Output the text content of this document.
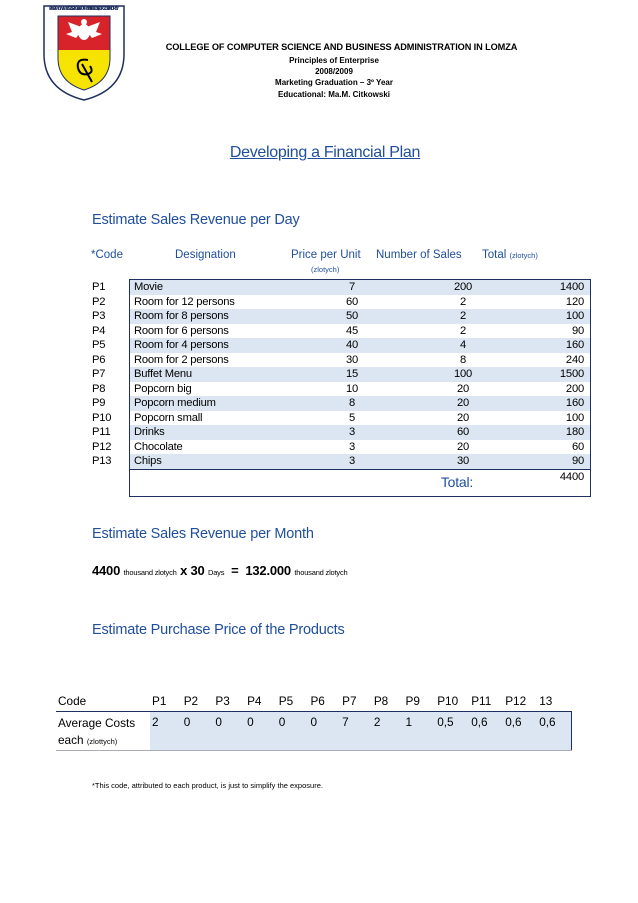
PAŃSTWOWA WYŻSZA SZKOŁA INFORMATYKI I PRZEDSIĘBIORCZOŚCI W ŁOMŻY
COLLEGE OF COMPUTER SCIENCE AND BUSINESS ADMINISTRATION IN LOMZA
Principles of Enterprise
2008/2009
Marketing Graduation – 3º Year
Educational: Ma.M. Citkowski
Developing a Financial Plan
Estimate Sales Revenue per Day
*Code	Designation	Price per Unit
(zlotych)
Number of Sales Total (zlotych)
P1	Movie	7	200	1400
P2	Room for 12 persons	60	2	120
P3	Room for 8 persons	50	2	100
P4	Room for 6 persons	45	2	90
P5	Room for 4 persons	40	4	160
P6	Room for 2 persons	30	8	240
P7	Buffet Menu	15	100	1500
P8	Popcorn big	10	20	200
P9	Popcorn medium	8	20	160
P10	Popcorn small	5	20	100
P11	Drinks	3	60	180
P12	Chocolate	3	20	60
P13	Chips	3	30	90
			Total:	4400
Estimate Sales Revenue per Month
4400 thousand zlotych x 30 Days = 132.000 thousand zlotych
Estimate Purchase Price of the Products
Code	P1	P2	P3	P4	P5	P6	P7	P8	P9	P10	P11	P12	13
Average Costs
each (zlottych)	2	0	0	0	0	0	7	2	1	0,5	0,6	0,6	0,6
*This code, attributed to each product, is just to simplify the exposure.
